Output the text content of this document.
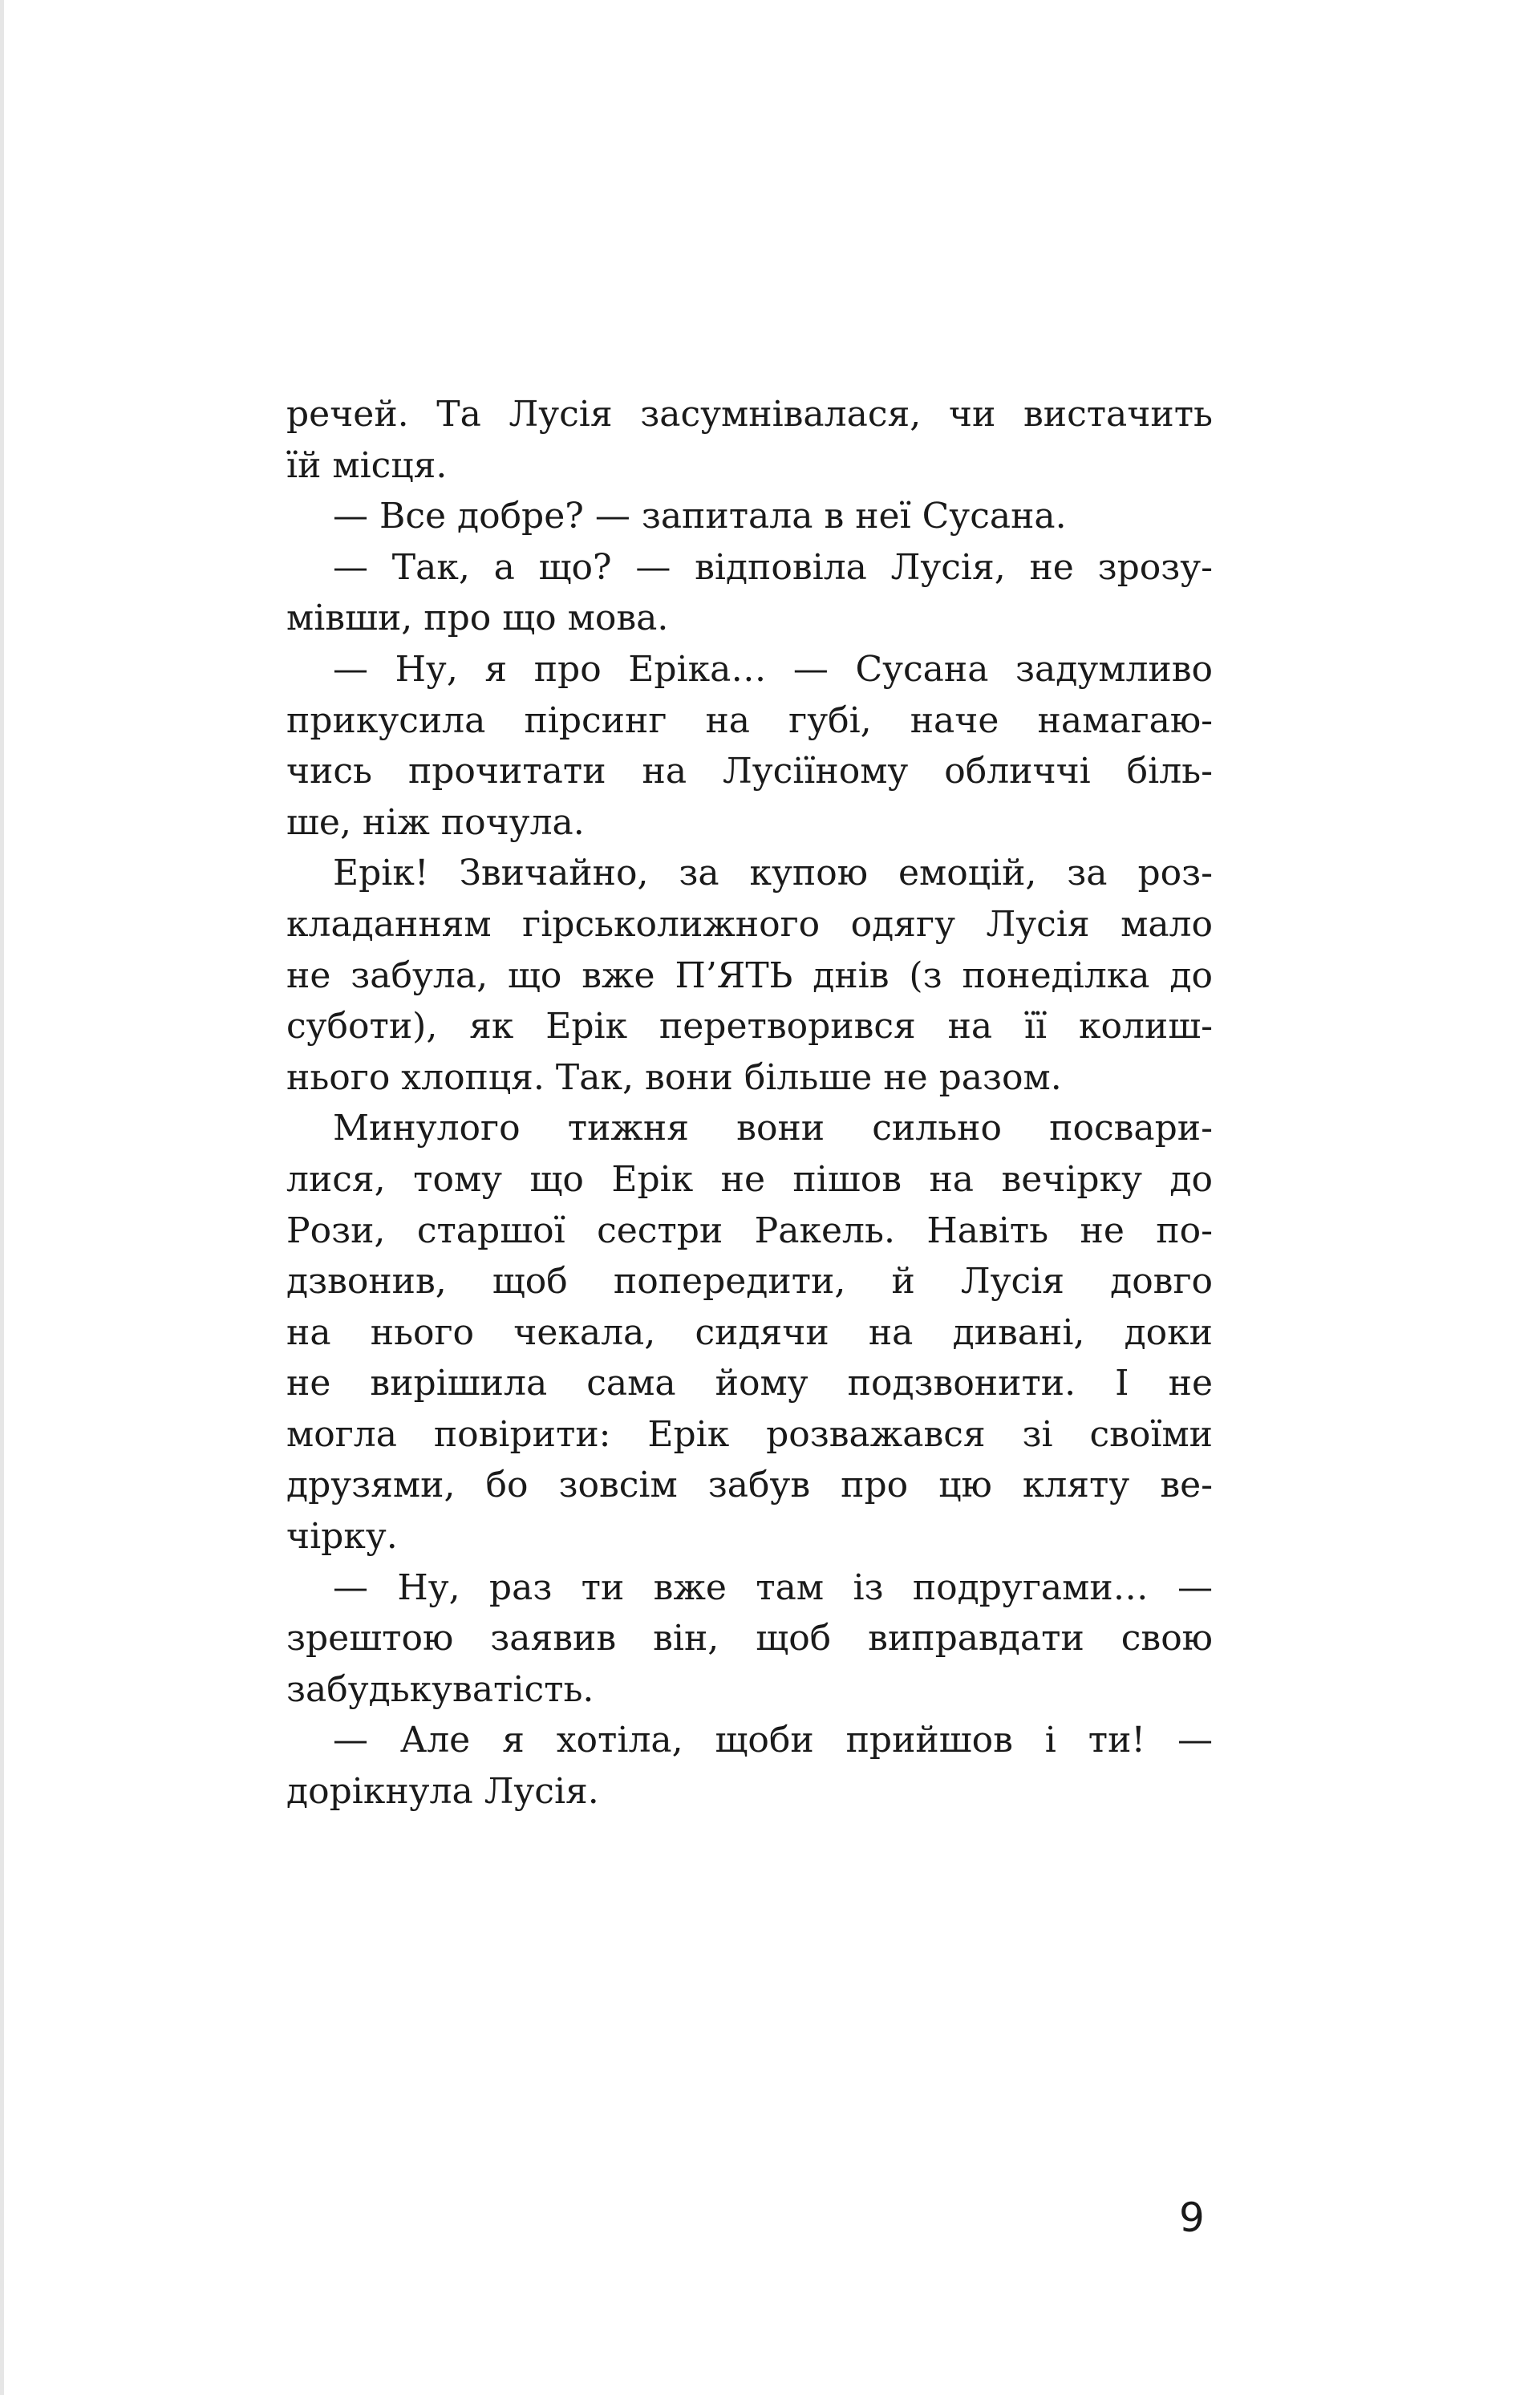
речей. Та Лусія засумнівалася, чи вистачить
їй місця.
— Все добре? — запитала в неї Сусана.
— Так, а що? — відповіла Лусія, не зрозу-
мівши, про що мова.
— Ну, я про Еріка… — Сусана задумливо
прикусила пірсинг на губі, наче намагаю-
чись прочитати на Лусіїному обличчі біль-
ше, ніж почула.
Ерік! Звичайно, за купою емоцій, за роз-
кладанням гірськолижного одягу Лусія мало
не забула, що вже П’ЯТЬ днів (з понеділка до
суботи), як Ерік перетворився на її колиш-
нього хлопця. Так, вони більше не разом.
Минулого тижня вони сильно посвари-
лися, тому що Ерік не пішов на вечірку до
Рози, старшої сестри Ракель. Навіть не по-
дзвонив, щоб попередити, й Лусія довго
на нього чекала, сидячи на дивані, доки
не вирішила сама йому подзвонити. І не
могла повірити: Ерік розважався зі своїми
друзями, бо зовсім забув про цю кляту ве-
чірку.
— Ну, раз ти вже там із подругами… —
зрештою заявив він, щоб виправдати свою
забудькуватість.
— Але я хотіла, щоби прийшов і ти! —
дорікнула Лусія.
9
